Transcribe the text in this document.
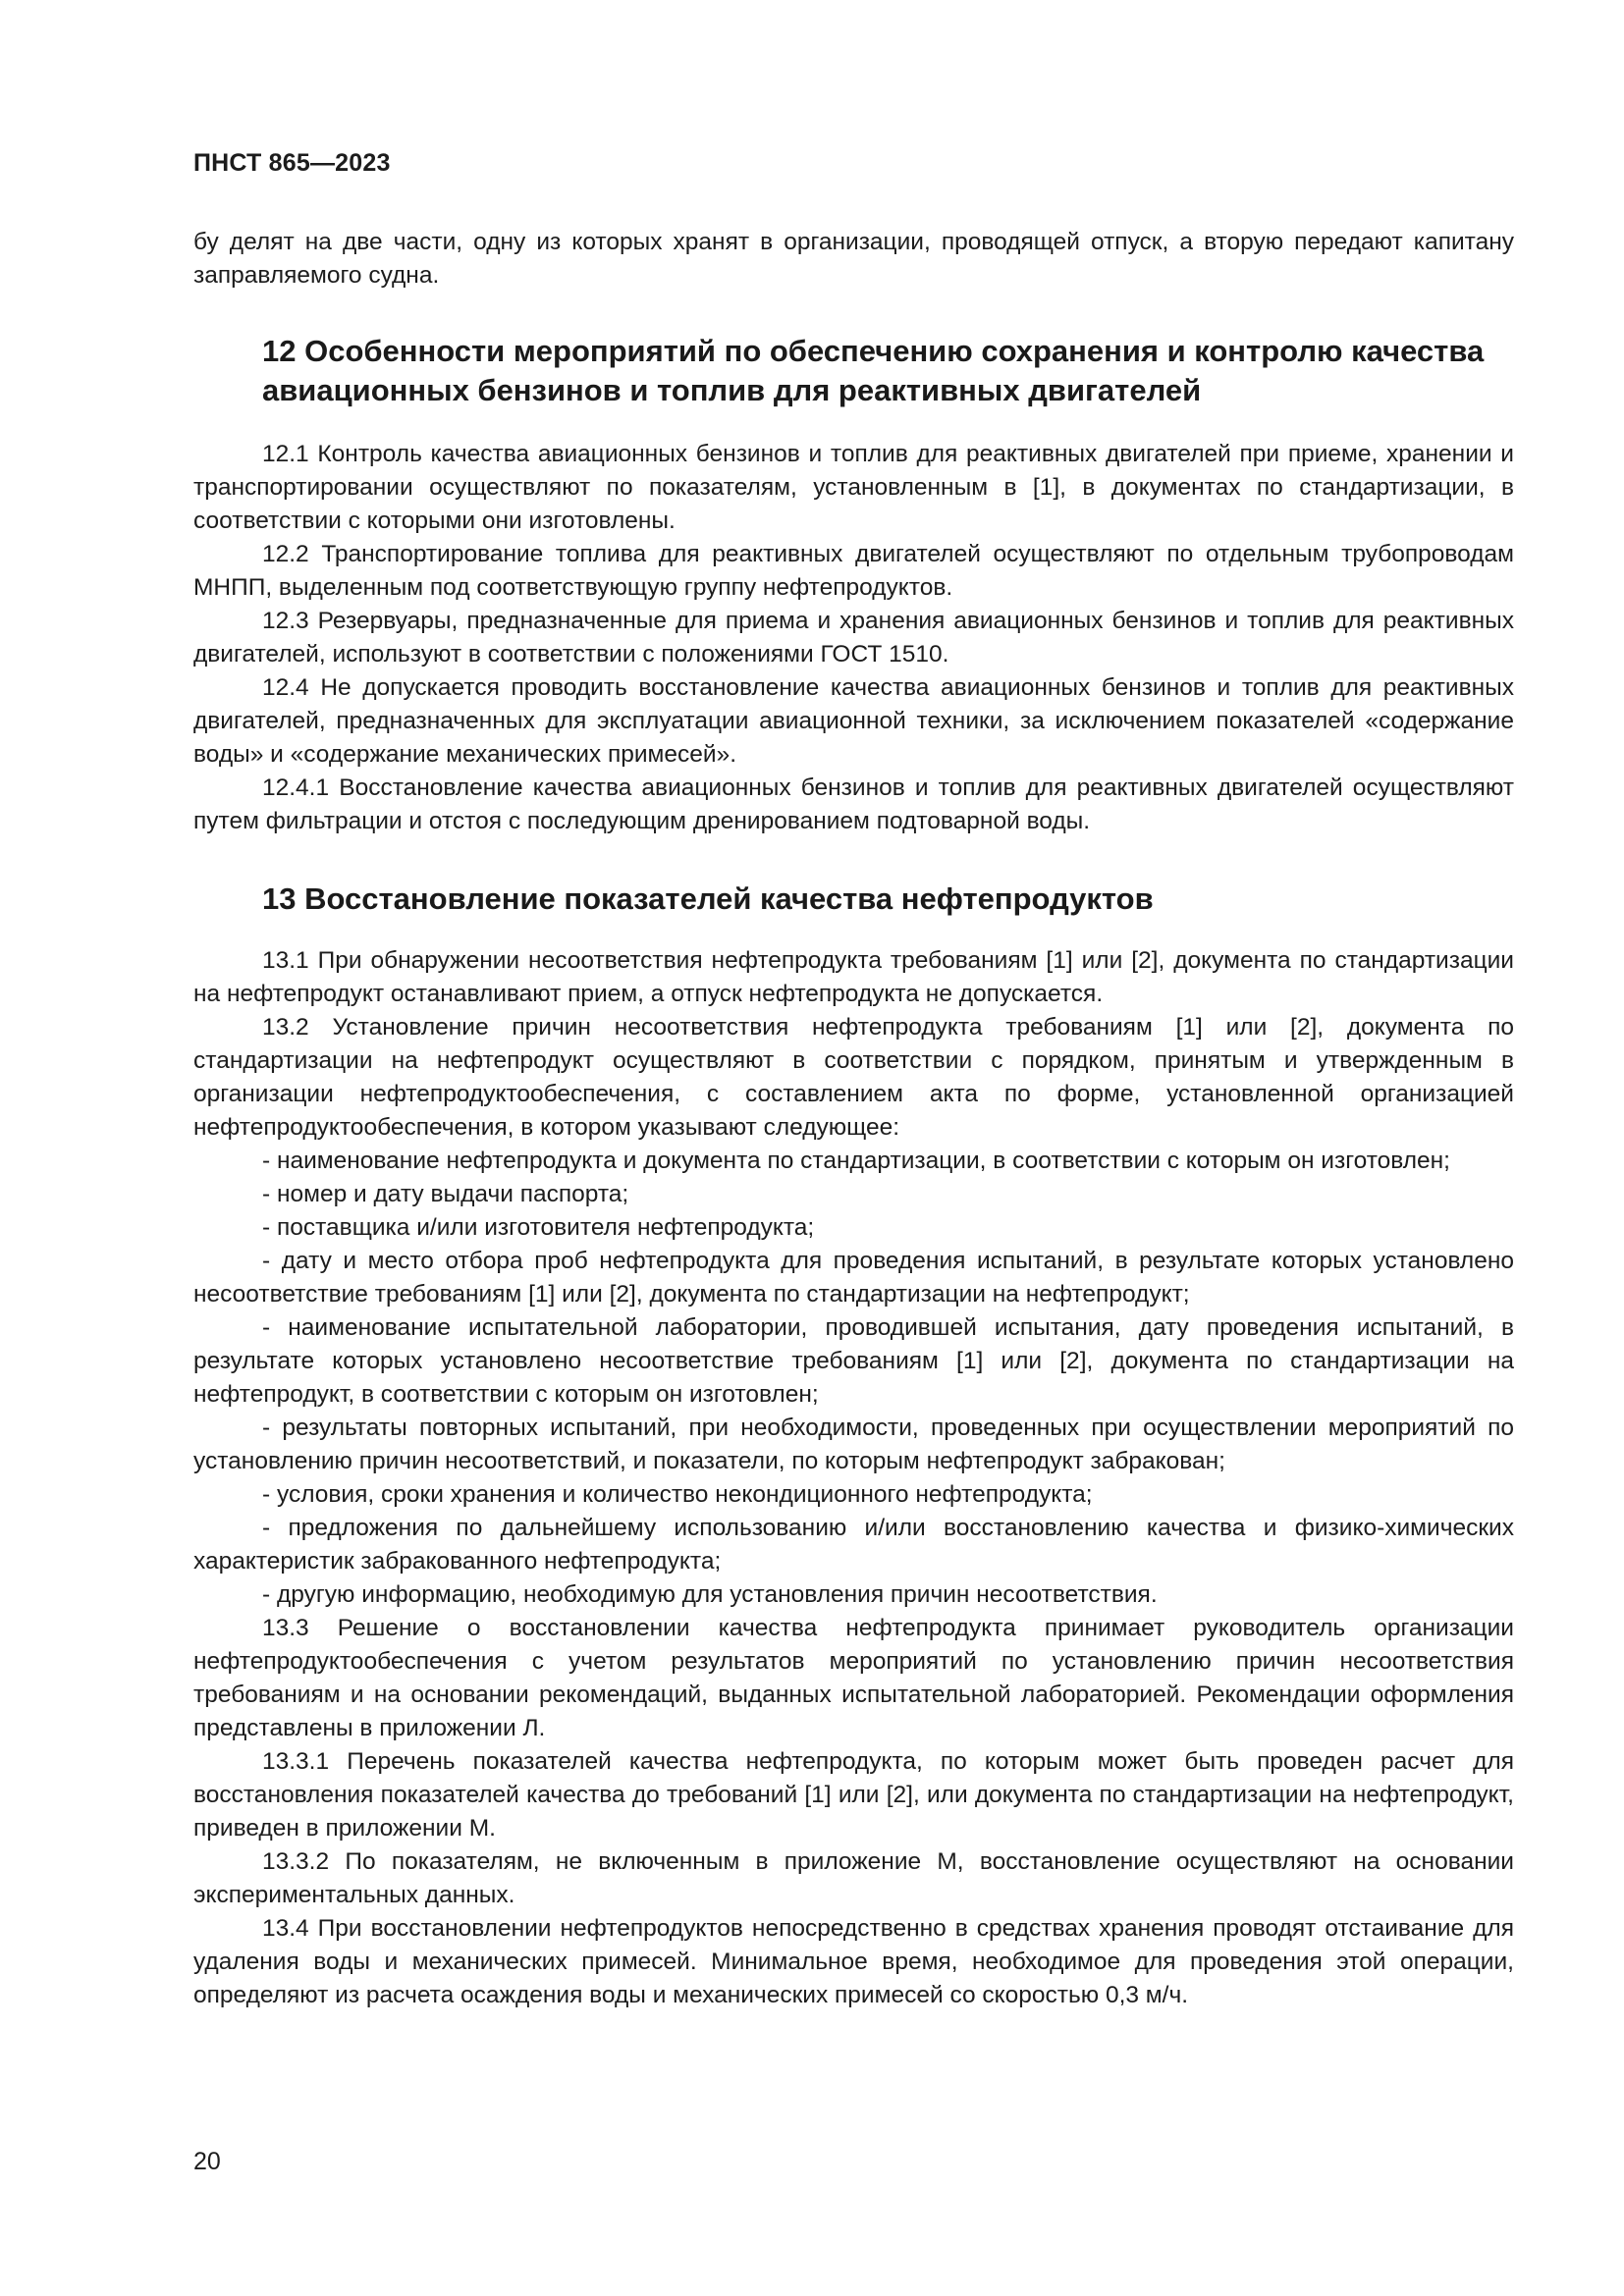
ПНСТ 865—2023

бу делят на две части, одну из которых хранят в организации, проводящей отпуск, а вторую передают капитану заправляемого судна.

12 Особенности мероприятий по обеспечению сохранения и контролю качества авиационных бензинов и топлив для реактивных двигателей

12.1 Контроль качества авиационных бензинов и топлив для реактивных двигателей при приеме, хранении и транспортировании осуществляют по показателям, установленным в [1], в документах по стандартизации, в соответствии с которыми они изготовлены.

12.2 Транспортирование топлива для реактивных двигателей осуществляют по отдельным трубопроводам МНПП, выделенным под соответствующую группу нефтепродуктов.

12.3 Резервуары, предназначенные для приема и хранения авиационных бензинов и топлив для реактивных двигателей, используют в соответствии с положениями ГОСТ 1510.

12.4 Не допускается проводить восстановление качества авиационных бензинов и топлив для реактивных двигателей, предназначенных для эксплуатации авиационной техники, за исключением показателей «содержание воды» и «содержание механических примесей».

12.4.1 Восстановление качества авиационных бензинов и топлив для реактивных двигателей осуществляют путем фильтрации и отстоя с последующим дренированием подтоварной воды.

13 Восстановление показателей качества нефтепродуктов

13.1 При обнаружении несоответствия нефтепродукта требованиям [1] или [2], документа по стандартизации на нефтепродукт останавливают прием, а отпуск нефтепродукта не допускается.

13.2 Установление причин несоответствия нефтепродукта требованиям [1] или [2], документа по стандартизации на нефтепродукт осуществляют в соответствии с порядком, принятым и утвержденным в организации нефтепродуктообеспечения, с составлением акта по форме, установленной организацией нефтепродуктообеспечения, в котором указывают следующее:

- наименование нефтепродукта и документа по стандартизации, в соответствии с которым он изготовлен;

- номер и дату выдачи паспорта;

- поставщика и/или изготовителя нефтепродукта;

- дату и место отбора проб нефтепродукта для проведения испытаний, в результате которых установлено несоответствие требованиям [1] или [2], документа по стандартизации на нефтепродукт;

- наименование испытательной лаборатории, проводившей испытания, дату проведения испытаний, в результате которых установлено несоответствие требованиям [1] или [2], документа по стандартизации на нефтепродукт, в соответствии с которым он изготовлен;

- результаты повторных испытаний, при необходимости, проведенных при осуществлении мероприятий по установлению причин несоответствий, и показатели, по которым нефтепродукт забракован;

- условия, сроки хранения и количество некондиционного нефтепродукта;

- предложения по дальнейшему использованию и/или восстановлению качества и физико-химических характеристик забракованного нефтепродукта;

- другую информацию, необходимую для установления причин несоответствия.

13.3 Решение о восстановлении качества нефтепродукта принимает руководитель организации нефтепродуктообеспечения с учетом результатов мероприятий по установлению причин несоответствия требованиям и на основании рекомендаций, выданных испытательной лабораторией. Рекомендации оформления представлены в приложении Л.

13.3.1 Перечень показателей качества нефтепродукта, по которым может быть проведен расчет для восстановления показателей качества до требований [1] или [2], или документа по стандартизации на нефтепродукт, приведен в приложении М.

13.3.2 По показателям, не включенным в приложение М, восстановление осуществляют на основании экспериментальных данных.

13.4 При восстановлении нефтепродуктов непосредственно в средствах хранения проводят отстаивание для удаления воды и механических примесей. Минимальное время, необходимое для проведения этой операции, определяют из расчета осаждения воды и механических примесей со скоростью 0,3 м/ч.

20
